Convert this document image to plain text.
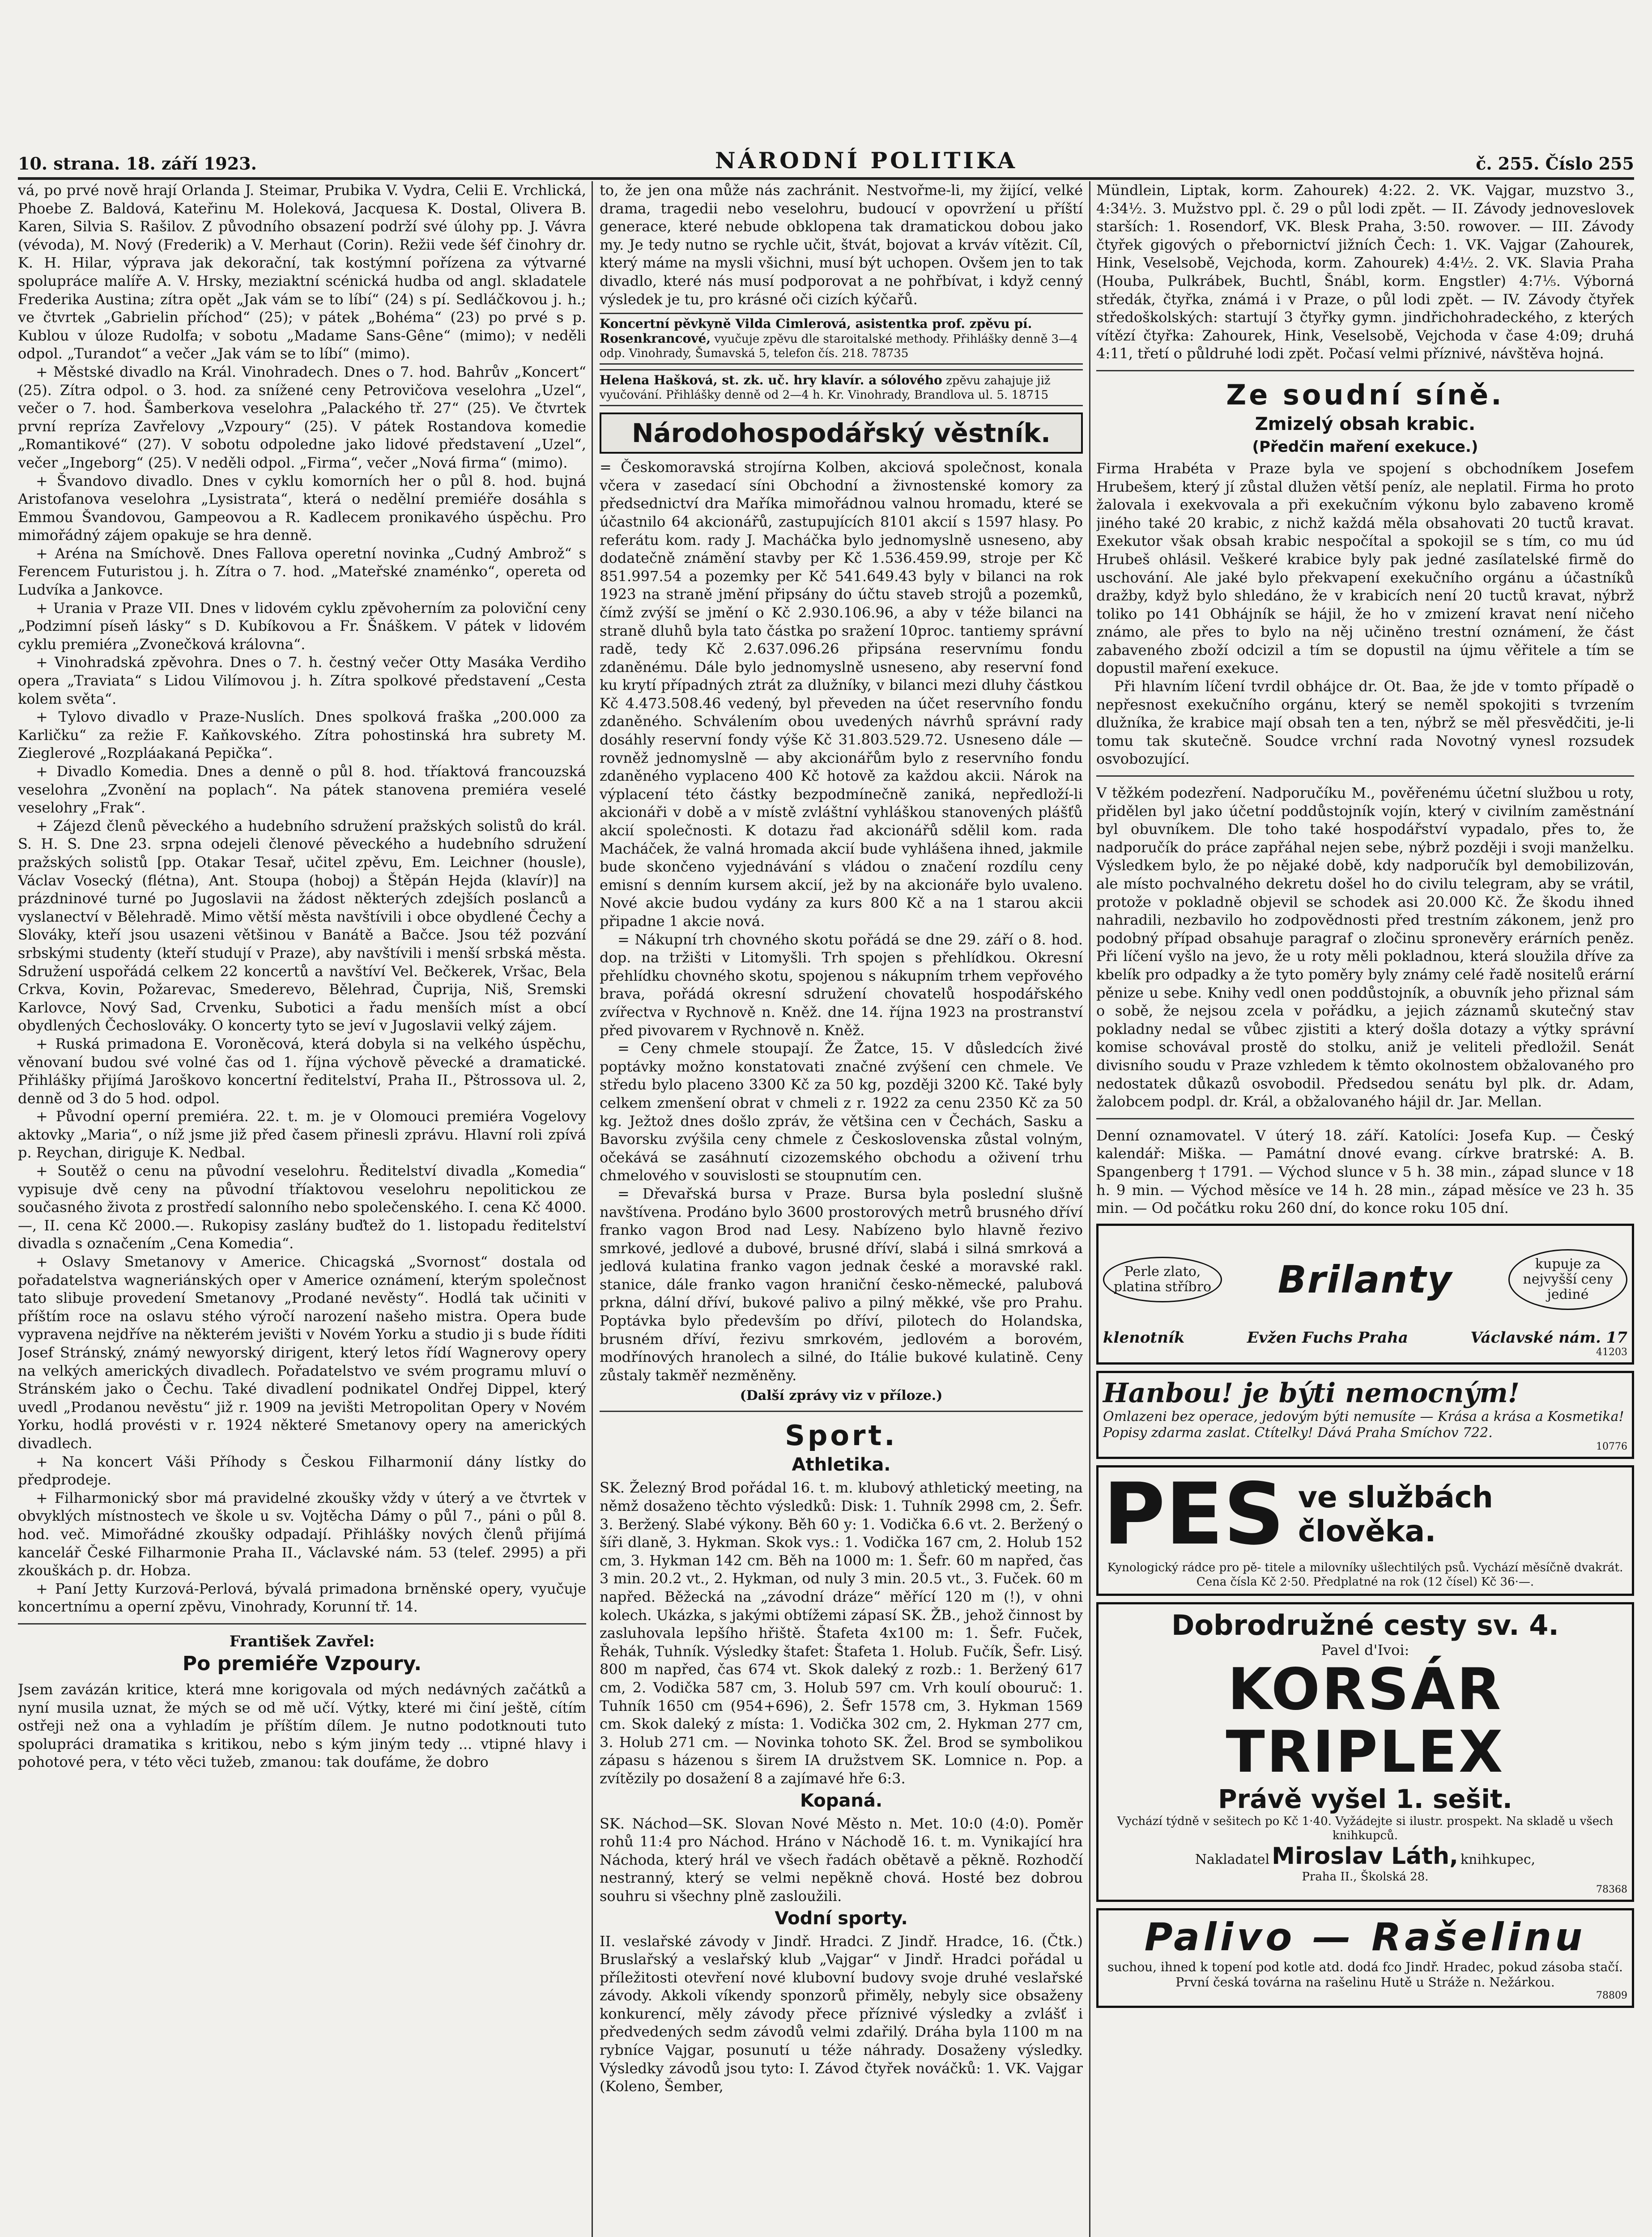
10. strana. 18. září 1923.	NÁRODNÍ POLITIKA	č. 255. Číslo 255

vá, po prvé nově hrají Orlanda J. Steimar, Prubika V. Vydra, Celii E. Vrchlická, Phoebe Z. Baldová, Kateřinu M. Holeková, Jacquesa K. Dostal, Oliverа B. Karen, Silvia S. Rašilov. Z původního obsazení podrží své úlohy pp. J. Vávra (vévoda), M. Nový (Frederik) a V. Merhaut (Corin). Režii vede šéf činohry dr. K. H. Hilar, výprava jak dekorační, tak kostýmní pořízena za výtvarné spolupráce malíře A. V. Hrsky, meziaktní scénická hudba od angl. skladatele Frederika Austina; zítra opět „Jak vám se to líbí“ (24) s pí. Sedláčkovou j. h.; ve čtvrtek „Gabrielin příchod“ (25); v pátek „Bohéma“ (23) po prvé s p. Kublou v úloze Rudolfa; v sobotu „Madame Sans-Gêne“ (mimo); v neděli odpol. „Turandot“ a večer „Jak vám se to líbí“ (mimo).

+ Městské divadlo na Král. Vinohradech. Dnes o 7. hod. Bahrův „Koncert“ (25). Zítra odpol. o 3. hod. za snížené ceny Petrovičova veselohra „Uzel“, večer o 7. hod. Šamberkova veselohra „Palackého tř. 27“ (25). Ve čtvrtek první repríza Zavřelovy „Vzpoury“ (25). V pátek Rostandova komedie „Romantikové“ (27). V sobotu odpoledne jako lidové představení „Uzel“, večer „Ingeborg“ (25). V neděli odpol. „Firma“, večer „Nová firma“ (mimo).

+ Švandovo divadlo. Dnes v cyklu komorních her o půl 8. hod. bujná Aristofanova veselohra „Lysistrata“, která o nedělní premiéře dosáhla s Emmou Švandovou, Gampeovou a R. Kadlecem pronikavého úspěchu. Pro mimořádný zájem opakuje se hra denně.

+ Aréna na Smíchově. Dnes Fallova operetní novinka „Cudný Ambrož“ s Ferencem Futuristou j. h. Zítra o 7. hod. „Mateřské znaménko“, opereta od Ludvíka a Jankovce.

+ Urania v Praze VII. Dnes v lidovém cyklu zpěvoherním za poloviční ceny „Podzimní píseň lásky“ s D. Kubíkovou a Fr. Šnáškem. V pátek v lidovém cyklu premiéra „Zvonečková královna“.

+ Vinohradská zpěvohra. Dnes o 7. h. čestný večer Otty Masáka Verdiho opera „Traviata“ s Lidou Vilímovou j. h. Zítra spolkové představení „Cesta kolem světa“.

+ Tylovo divadlo v Praze-Nuslích. Dnes spolková fraška „200.000 za Karličku“ za režie F. Kaňkovského. Zítra pohostinská hra subrety M. Zieglerové „Rozpláakaná Pepička“.

+ Divadlo Komedia. Dnes a denně o půl 8. hod. tříaktová francouzská veselohra „Zvonění na poplach“. Na pátek stanovena premiéra veselé veselohry „Frak“.

+ Zájezd členů pěveckého a hudebního sdružení pražských solistů do král. S. H. S. Dne 23. srpna odejeli členové pěveckého a hudebního sdružení pražských solistů [pp. Otakar Tesař, učitel zpěvu, Em. Leichner (housle), Václav Vosecký (flétna), Ant. Stoupa (hoboj) a Štěpán Hejda (klavír)] na prázdninové turné po Jugoslavii na žádost některých zdejších poslanců a vyslanectví v Bělehradě. Mimo větší města navštívili i obce obydlené Čechy a Slováky, kteří jsou usazeni většinou v Banátě a Bačce. Jsou též pozvání srbskými studenty (kteří studují v Praze), aby navštívili i menší srbská města. Sdružení uspořádá celkem 22 koncertů a navštíví Vel. Bečkerek, Vršac, Bela Crkva, Kovin, Požarevac, Smederevo, Bělehrad, Čuprija, Niš, Sremski Karlovce, Nový Sad, Crvenku, Subotici a řadu menších míst a obcí obydlených Čechoslováky. O koncerty tyto se jeví v Jugoslavii velký zájem.

+ Ruská primadona E. Voroněcová, která dobyla si na velkého úspěchu, věnovaní budou své volné čas od 1. října výchově pěvecké a dramatické. Přihlášky přijímá Jaroškovo koncertní ředitelství, Praha II., Pštrossova ul. 2, denně od 3 do 5 hod. odpol.

+ Původní operní premiéra. 22. t. m. je v Olomouci premiéra Vogelovy aktovky „Maria“, o níž jsme již před časem přinesli zprávu. Hlavní roli zpívá p. Reychan, diriguje K. Nedbal.

+ Soutěž o cenu na původní veselohru. Ředitelství divadla „Komedia“ vypisuje dvě ceny na původní tříaktovou veselohru nepolitickou ze současného života z prostředí salonního nebo společenského. I. cena Kč 4000.—, II. cena Kč 2000.—. Rukopisy zaslány buďtež do 1. listopadu ředitelství divadla s označením „Cena Komedia“.

+ Oslavy Smetanovy v Americe. Chicagská „Svornost“ dostala od pořadatelstva wagneriánských oper v Americe oznámení, kterým společnost tato slibuje provedení Smetanovy „Prodané nevěsty“. Hodlá tak učiniti v příštím roce na oslavu stého výročí narození našeho mistra. Opera bude vypravena nejdříve na některém jevišti v Novém Yorku a studio ji s bude říditi Josef Stránský, známý newyorský dirigent, který letos řídí Wagnerovy opery na velkých amerických divadlech. Pořadatelstvo ve svém programu mluví o Stránském jako o Čechu. Také divadlení podnikatel Ondřej Dippel, který uvedl „Prodanou nevěstu“ již r. 1909 na jevišti Metropolitan Opery v Novém Yorku, hodlá provésti v r. 1924 některé Smetanovy opery na amerických divadlech.

+ Na koncert Váši Příhody s Českou Filharmonií dány lístky do předprodeje.

+ Filharmonický sbor má pravidelné zkoušky vždy v úterý a ve čtvrtek v obvyklých místnostech ve škole u sv. Vojtěcha Dámy o půl 7., páni o půl 8. hod. več. Mimořádné zkoušky odpadají. Přihlášky nových členů přijímá kancelář České Filharmonie Praha II., Václavské nám. 53 (telef. 2995) a při zkouškách p. dr. Hobza.

+ Paní Jetty Kurzová-Perlová, bývalá primadona brněnské opery, vyučuje koncertnímu a operní zpěvu, Vinohrady, Korunní tř. 14.

František Zavřel:
Po premiéře Vzpoury.

Jsem zavázán kritice, která mne korigovala od mých nedávných začátků a nyní musila uznat, že mých se od mě učí. Výtky, které mi činí ještě, cítím ostřeji než ona a vyhladím je příštím dílem. Je nutno podotknouti tuto spolupráci dramatika s kritikou, nebo s kým jiným tedy ... vtipné hlavy i pohotové pera, v této věci tužeb, zmanou: tak doufáme, že dobro

to, že jen ona může nás zachránit. Nestvořme-li, my žijící, velké drama, tragedii nebo veselohru, budoucí v opovržení u příští generace, které nebude obklopena tak dramatickou dobou jako my. Je tedy nutno se rychle učit, štvát, bojovat a krváv vítězit. Cíl, který máme na mysli všichni, musí být uchopen. Ovšem jen to tak divadlo, které nás musí podporovat a ne pohřbívat, i když cenný výsledek je tu, pro krásné oči cizích kýčařů.

Koncertní pěvkyně Vilda Cimlerová, asistentka prof. zpěvu pí. Rosenkrancové, vyučuje zpěvu dle staroitalské methody. Přihlášky denně 3—4 odp. Vinohrady, Šumavská 5, telefon čís. 218. 78735
Helena Hašková, st. zk. uč. hry klavír. a sólového zpěvu zahajuje již vyučování. Přihlášky denně od 2—4 h. Kr. Vinohrady, Brandlova ul. 5. 18715
Národohospodářský věstník.

= Českomoravská strojírna Kolben, akciová společnost, konala včera v zasedací síni Obchodní a živnostenské komory za předsednictví dra Maříka mimořádnou valnou hromadu, které se účastnilo 64 akcionářů, zastupujících 8101 akcií s 1597 hlasy. Po referátu kom. rady J. Macháčka bylo jednomyslně usneseno, aby dodatečně známění stavby per Kč 1.536.459.99, stroje per Kč 851.997.54 a pozemky per Kč 541.649.43 byly v bilanci na rok 1923 na straně jmění připsány do účtu staveb strojů a pozemků, čímž zvýší se jmění o Kč 2.930.106.96, a aby v téže bilanci na straně dluhů byla tato částka po sražení 10proc. tantiemy správní radě, tedy Kč 2.637.096.26 připsána reservnímu fondu zdaněnému. Dále bylo jednomyslně usneseno, aby reservní fond ku krytí případných ztrát za dlužníky, v bilanci mezi dluhy částkou Kč 4.473.508.46 vedený, byl převeden na účet reservního fondu zdaněného. Schválením obou uvedených návrhů správní rady dosáhly reservní fondy výše Kč 31.803.529.72. Usneseno dále — rovněž jednomyslně — aby akcionářům bylo z reservního fondu zdaněného vyplaceno 400 Kč hotově za každou akcii. Nárok na výplacení této částky bezpodmínečně zaniká, nepředloží-li akcionáři v době a v místě zvláštní vyhláškou stanovených plášťů akcií společnosti. K dotazu řad akcionářů sdělil kom. rada Macháček, že valná hromada akcií bude vyhlášena ihned, jakmile bude skončeno vyjednávání s vládou o značení rozdílu ceny emisní s denním kursem akcií, jež by na akcionáře bylo uvaleno. Nové akcie budou vydány za kurs 800 Kč a na 1 starou akcii připadne 1 akcie nová.

= Nákupní trh chovného skotu pořádá se dne 29. září o 8. hod. dop. na tržišti v Litomyšli. Trh spojen s přehlídkou. Okresní přehlídku chovného skotu, spojenou s nákupním trhem vepřového brava, pořádá okresní sdružení chovatelů hospodářského zvířectva v Rychnově n. Kněž. dne 14. října 1923 na prostranství před pivovarem v Rychnově n. Kněž.

= Ceny chmele stoupají. Že Žatce, 15. V důsledcích živé poptávky možno konstatovati značné zvýšení cen chmele. Ve středu bylo placeno 3300 Kč za 50 kg, později 3200 Kč. Také byly celkem zmenšení obrat v chmeli z r. 1922 za cenu 2350 Kč za 50 kg. Ježtož dnes došlo zpráv, že většina cen v Čechách, Sasku a Bavorsku zvýšila ceny chmele z Československa zůstal volným, očekává se zasáhnutí cizozemského obchodu a oživení trhu chmelového v souvislosti se stoupnutím cen.

= Dřevařská bursa v Praze. Bursa byla poslední slušně navštívena. Prodáno bylo 3600 prostorových metrů brusného dříví franko vagon Brod nad Lesy. Nabízeno bylo hlavně řezivo smrkové, jedlové a dubové, brusné dříví, slabá i silná smrková a jedlová kulatina franko vagon jednak české a moravské rakl. stanice, dále franko vagon hraniční česko-německé, palubová prkna, dální dříví, bukové palivo a pilný měkké, vše pro Prahu. Poptávka bylo především po dříví, pilotech do Holandska, brusném dříví, řezivu smrkovém, jedlovém a borovém, modřínových hranolech a silné, do Itálie bukové kulatině. Ceny zůstaly takměř nezměněny.

(Další zprávy viz v příloze.)
Sport.
Athletika.

SK. Železný Brod pořádal 16. t. m. klubový athletický meeting, na němž dosaženo těchto výsledků: Disk: 1. Tuhník 2998 cm, 2. Šefr. 3. Beržený. Slabé výkony. Běh 60 y: 1. Vodička 6.6 vt. 2. Beržený o šíři dlaně, 3. Hykman. Skok vys.: 1. Vodička 167 cm, 2. Holub 152 cm, 3. Hykman 142 cm. Běh na 1000 m: 1. Šefr. 60 m napřed, čas 3 min. 20.2 vt., 2. Hykman, od nuly 3 min. 20.5 vt., 3. Fuček. 60 m napřed. Běžecká na „závodní dráze“ měřící 120 m (!), v ohni kolech. Ukázka, s jakými obtížemi zápasí SK. ŽB., jehož činnost by zasluhovala lepšího hřiště. Štafeta 4x100 m: 1. Šefr. Fuček, Řehák, Tuhník. Výsledky štafet: Štafeta 1. Holub. Fučík, Šefr. Lisý. 800 m napřed, čas 674 vt. Skok daleký z rozb.: 1. Beržený 617 cm, 2. Vodička 587 cm, 3. Holub 597 cm. Vrh koulí obouruč: 1. Tuhník 1650 cm (954+696), 2. Šefr 1578 cm, 3. Hykman 1569 cm. Skok daleký z místa: 1. Vodička 302 cm, 2. Hykman 277 cm, 3. Holub 271 cm. — Novinka tohoto SK. Žel. Brod se symbolikou zápasu s házenou s širem IA družstvem SK. Lomnice n. Pop. a zvítězily po dosažení 8 a zajímavé hře 6:3.

Kopaná.

SK. Náchod—SK. Slovan Nové Město n. Met. 10:0 (4:0). Poměr rohů 11:4 pro Náchod. Hráno v Náchodě 16. t. m. Vynikající hra Náchoda, který hrál ve všech řadách obětavě a pěkně. Rozhodčí nestranný, který se velmi nepěkně chová. Hosté bez dobrou souhru si všechny plně zasloužili.

Vodní sporty.

II. veslařské závody v Jindř. Hradci. Z Jindř. Hradce, 16. (Čtk.) Bruslařský a veslařský klub „Vajgar“ v Jindř. Hradci pořádal u příležitosti otevření nové klubovní budovy svoje druhé veslařské závody. Akkoli víkendy sponzorů přiměly, nebyly sice obsaženy konkurencí, měly závody přece příznivé výsledky a zvlášť i předvedených sedm závodů velmi zdařilý. Dráha byla 1100 m na rybníce Vajgar, posunutí u téže náhrady. Dosaženy výsledky. Výsledky závodů jsou tyto: I. Závod čtyřek nováčků: 1. VK. Vajgar (Koleno, Šember,

Mündlein, Liptak, korm. Zahourek) 4:22. 2. VK. Vajgar, muzstvo 3., 4:34½. 3. Mužstvo ppl. č. 29 o půl lodi zpět. — II. Závody jednoveslovek starších: 1. Rosendorf, VK. Blesk Praha, 3:50. rowover. — III. Závody čtyřek gigových o přebornictví jižních Čech: 1. VK. Vajgar (Zahourek, Hink, Veselsobě, Vejchoda, korm. Zahourek) 4:4½. 2. VK. Slavia Praha (Houba, Pulkrábek, Buchtl, Šnábl, korm. Engstler) 4:7⅕. Výborná středák, čtyřka, známá i v Praze, o půl lodi zpět. — IV. Závody čtyřek středoškolských: startují 3 čtyřky gymn. jindřichohradeckého, z kterých vítězí čtyřka: Zahourek, Hink, Veselsobě, Vejchoda v čase 4:09; druhá 4:11, třetí o půldruhé lodi zpět. Počasí velmi příznivé, návštěva hojná.

Ze soudní síně.
Zmizelý obsah krabic.
(Předčin maření exekuce.)

Firma Hrabéta v Praze byla ve spojení s obchodníkem Josefem Hrubešem, který jí zůstal dlužen větší peníz, ale neplatil. Firma ho proto žalovala i exekvovala a při exekučním výkonu bylo zabaveno kromě jiného také 20 krabic, z nichž každá měla obsahovati 20 tuctů kravat. Exekutor však obsah krabic nespočítal a spokojil se s tím, co mu úd Hrubeš ohlásil. Veškeré krabice byly pak jedné zasílatelské firmě do uschování. Ale jaké bylo překvapení exekučního orgánu a účastníků dražby, když bylo shledáno, že v krabicích není 20 tuctů kravat, nýbrž toliko po 141 Obhájník se hájil, že ho v zmizení kravat není ničeho známo, ale přes to bylo na něj učiněno trestní oznámení, že část zabaveného zboží odcizil a tím se dopustil na újmu věřitele a tím se dopustil maření exekuce.

Při hlavním líčení tvrdil obhájce dr. Ot. Baa, že jde v tomto případě o nepřesnost exekučního orgánu, který se neměl spokojiti s tvrzením dlužníka, že krabice mají obsah ten a ten, nýbrž se měl přesvědčiti, je-li tomu tak skutečně. Soudce vrchní rada Novotný vynesl rozsudek osvobozující.

V těžkém podezření. Nadporučíku M., pověřenému účetní službou u roty, přidělen byl jako účetní poddůstojník vojín, který v civilním zaměstnání byl obuvníkem. Dle toho také hospodářství vypadalo, přes to, že nadporučík do práce zapřáhal nejen sebe, nýbrž později i svoji manželku. Výsledkem bylo, že po nějaké době, kdy nadporučík byl demobilizován, ale místo pochvalného dekretu došel ho do civilu telegram, aby se vrátil, protože v pokladně objevil se schodek asi 20.000 Kč. Že škodu ihned nahradili, nezbavilo ho zodpovědnosti před trestním zákonem, jenž pro podobný případ obsahuje paragraf o zločinu spronevěry erárních peněz. Při líčení vyšlo na jevo, že u roty měli pokladnou, která sloužila dříve za kbelík pro odpadky a že tyto poměry byly známy celé řadě nositelů erární pěnize u sebe. Knihy vedl onen poddůstojník, a obuvník jeho přiznal sám o sobě, že nejsou zcela v pořádku, a jejich záznamů skutečný stav pokladny nedal se vůbec zjistiti a který došla dotazy a výtky správní komise schovával prostě do stolku, aniž je veliteli předložil. Senát divisního soudu v Praze vzhledem k těmto okolnostem obžalovaného pro nedostatek důkazů osvobodil. Předsedou senátu byl plk. dr. Adam, žalobcem podpl. dr. Král, a obžalovaného hájil dr. Jar. Mellan.

Denní oznamovatel. V úterý 18. září. Katolíci: Josefa Kup. — Český kalendář: Miška. — Památní dnové evang. církve bratrské: A. B. Spangenberg † 1791. — Východ slunce v 5 h. 38 min., západ slunce v 18 h. 9 min. — Východ měsíce ve 14 h. 28 min., západ měsíce ve 23 h. 35 min. — Od počátku roku 260 dní, do konce roku 105 dní.

Perle zlato, platina stříbro Brilanty	kupuje za nejvyšší ceny jediné
klenotník	Evžen Fuchs Praha	Václavské nám. 17
41203
Hanbou! je býti nemocným!
Omlazeni bez operace, jedovým býti nemusíte — Krása a krása a Kosmetika! Popisy zdarma zaslat. Ctítelky! Dává Praha Smíchov 722.
10776
PES ve službách člověka.
Kynologický rádce pro pě- titele a milovníky ušlechtilých psů. Vychází měsíčně dvakrát. Cena čísla Kč 2·50. Předplatné na rok (12 čísel) Kč 36·—.
Dobrodružné cesty sv. 4.
Pavel d'Ivoi:
KORSÁR TRIPLEX
Právě vyšel 1. sešit.
Vychází týdně v sešitech po Kč 1·40. Vyžádejte si ilustr. prospekt. Na skladě u všech knihkupců.
Nakladatel Miroslav Láth, knihkupec,
Praha II., Školská 28.
78368
Palivo — Rašelinu
suchou, ihned k topení pod kotle atd. dodá fco Jindř. Hradec, pokud zásoba stačí. První česká továrna na rašelinu Hutě u Stráže n. Nežárkou.
78809
